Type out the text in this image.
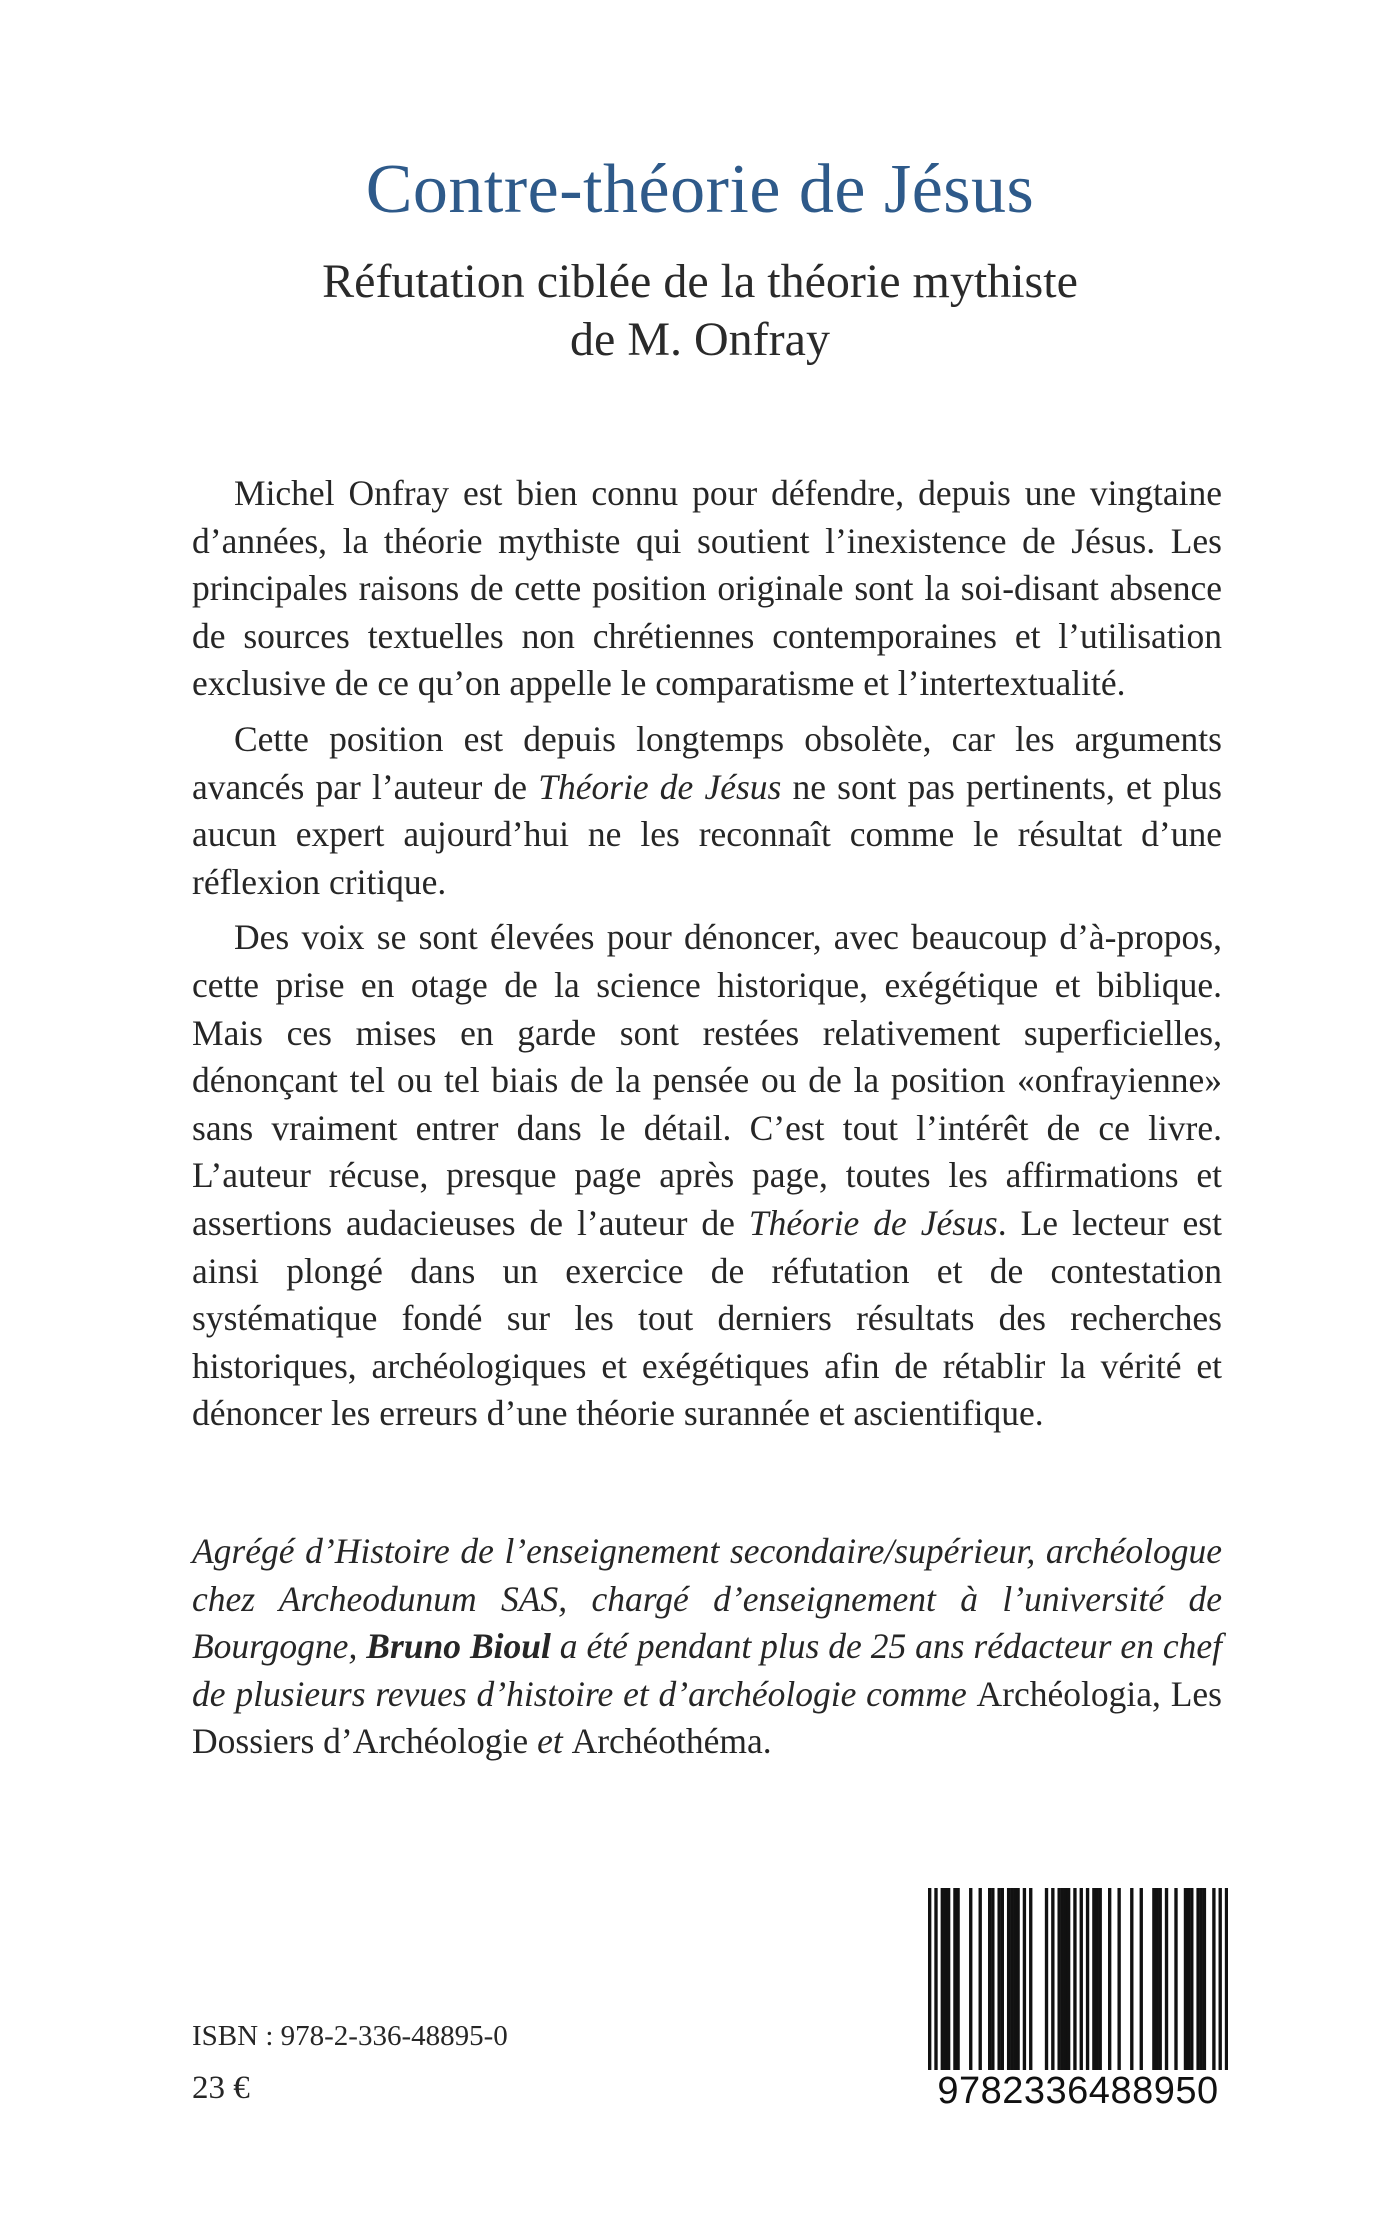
Contre-théorie de Jésus
Réfutation ciblée de la théorie mythiste
de M. Onfray

Michel Onfray est bien connu pour défendre, depuis une vingtaine d’années, la théorie mythiste qui soutient l’inexistence de Jésus. Les principales raisons de cette position originale sont la soi-disant absence de sources textuelles non chrétiennes contemporaines et l’utilisation exclusive de ce qu’on appelle le comparatisme et l’intertextualité.

Cette position est depuis longtemps obsolète, car les arguments avancés par l’auteur de Théorie de Jésus ne sont pas pertinents, et plus aucun expert aujourd’hui ne les reconnaît comme le résultat d’une réflexion critique.

Des voix se sont élevées pour dénoncer, avec beaucoup d’à-propos, cette prise en otage de la science historique, exégétique et biblique. Mais ces mises en garde sont restées relativement superficielles, dénonçant tel ou tel biais de la pensée ou de la position «onfrayienne» sans vraiment entrer dans le détail. C’est tout l’intérêt de ce livre. L’auteur récuse, presque page après page, toutes les affirmations et assertions audacieuses de l’auteur de Théorie de Jésus. Le lecteur est ainsi plongé dans un exercice de réfutation et de contestation systématique fondé sur les tout derniers résultats des recherches historiques, archéologiques et exégétiques afin de rétablir la vérité et dénoncer les erreurs d’une théorie surannée et ascientifique.

Agrégé d’Histoire de l’enseignement secondaire/supérieur, archéologue chez Archeodunum SAS, chargé d’enseignement à l’université de Bourgogne, Bruno Bioul a été pendant plus de 25 ans rédacteur en chef de plusieurs revues d’histoire et d’archéologie comme Archéologia, Les Dossiers d’Archéologie et Archéothéma.

ISBN : 978-2-336-48895-0
23 €	9782336488950
